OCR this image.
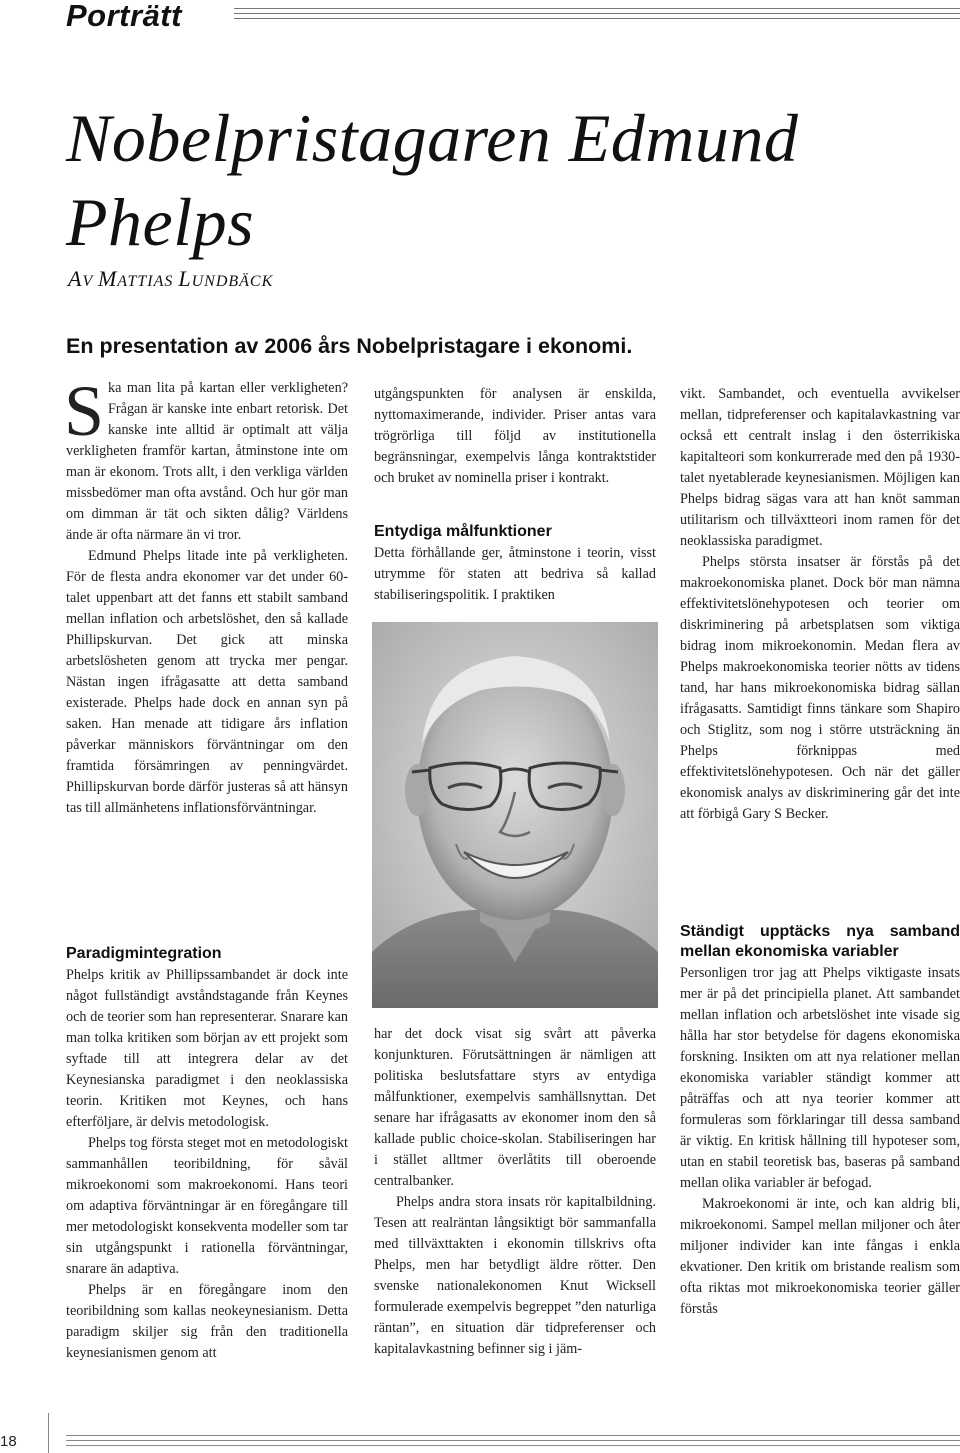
Porträtt
Nobelpristagaren Edmund Phelps
AV MATTIAS LUNDBÄCK
En presentation av 2006 års Nobelpristagare i ekonomi.

Ska man lita på kartan eller verkligheten? Frågan är kanske inte enbart retorisk. Det kanske inte alltid är optimalt att välja verkligheten framför kartan, åtminstone inte om man är ekonom. Trots allt, i den verkliga världen missbedömer man ofta avstånd. Och hur gör man om dimman är tät och sikten dålig? Världens ände är ofta närmare än vi tror.

Edmund Phelps litade inte på verkligheten. För de flesta andra ekonomer var det under 60-talet uppenbart att det fanns ett stabilt samband mellan inflation och arbetslöshet, den så kallade Phillipskurvan. Det gick att minska arbetslösheten genom att trycka mer pengar. Nästan ingen ifrågasatte att detta samband existerade. Phelps hade dock en annan syn på saken. Han menade att tidigare års inflation påverkar människors förväntningar om den framtida försämringen av penningvärdet. Phillipskurvan borde därför justeras så att hänsyn tas till allmänhetens inflationsförväntningar.

Paradigmintegration

Phelps kritik av Phillipssambandet är dock inte något fullständigt avståndstagande från Keynes och de teorier som han representerar. Snarare kan man tolka kritiken som början av ett projekt som syftade till att integrera delar av det Keynesianska paradigmet i den neoklassiska teorin. Kritiken mot Keynes, och hans efterföljare, är delvis metodologisk.

Phelps tog första steget mot en metodologiskt sammanhållen teoribildning, för såväl mikroekonomi som makroekonomi. Hans teori om adaptiva förväntningar är en föregångare till mer metodologiskt konsekventa modeller som tar sin utgångspunkt i rationella förväntningar, snarare än adaptiva.

Phelps är en föregångare inom den teoribildning som kallas neokeynesianism. Detta paradigm skiljer sig från den traditionella keynesianismen genom att

utgångspunkten för analysen är enskilda, nyttomaximerande, individer. Priser antas vara trögrörliga till följd av institutionella begränsningar, exempelvis långa kontraktstider och bruket av nominella priser i kontrakt.

Entydiga målfunktioner

Detta förhållande ger, åtminstone i teorin, visst utrymme för staten att bedriva så kallad stabiliseringspolitik. I praktiken

har det dock visat sig svårt att påverka konjunkturen. Förutsättningen är nämligen att politiska beslutsfattare styrs av entydiga målfunktioner, exempelvis samhällsnyttan. Det senare har ifrågasatts av ekonomer inom den så kallade public choice-skolan. Stabiliseringen har i stället alltmer överlåtits till oberoende centralbanker.

Phelps andra stora insats rör kapitalbildning. Tesen att realräntan långsiktigt bör sammanfalla med tillväxttakten i ekonomin tillskrivs ofta Phelps, men har betydligt äldre rötter. Den svenske nationalekonomen Knut Wicksell formulerade exempelvis begreppet ”den naturliga räntan”, en situation där tidpreferenser och kapitalavkastning befinner sig i jäm-

vikt. Sambandet, och eventuella avvikelser mellan, tidpreferenser och kapitalavkastning var också ett centralt inslag i den österrikiska kapitalteori som konkurrerade med den på 1930-talet nyetablerade keynesianismen. Möjligen kan Phelps bidrag sägas vara att han knöt samman utilitarism och tillväxtteori inom ramen för det neoklassiska paradigmet.

Phelps största insatser är förstås på det makroekonomiska planet. Dock bör man nämna effektivitetslönehypotesen och teorier om diskriminering på arbetsplatsen som viktiga bidrag inom mikroekonomin. Medan flera av Phelps makroekonomiska teorier nötts av tidens tand, har hans mikroekonomiska bidrag sällan ifrågasatts. Samtidigt finns tänkare som Shapiro och Stiglitz, som nog i större utsträckning än Phelps förknippas med effektivitetslönehypotesen. Och när det gäller ekonomisk analys av diskriminering går det inte att förbigå Gary S Becker.

Ständigt upptäcks nya samband mellan ekonomiska variabler

Personligen tror jag att Phelps viktigaste insats mer är på det principiella planet. Att sambandet mellan inflation och arbetslöshet inte visade sig hålla har stor betydelse för dagens ekonomiska forskning. Insikten om att nya relationer mellan ekonomiska variabler ständigt kommer att påträffas och att nya teorier kommer att formuleras som förklaringar till dessa samband är viktig. En kritisk hållning till hypoteser som, utan en stabil teoretisk bas, baseras på samband mellan olika variabler är befogad.

Makroekonomi är inte, och kan aldrig bli, mikroekonomi. Sampel mellan miljoner och åter miljoner individer kan inte fångas i enkla ekvationer. Den kritik om bristande realism som ofta riktas mot mikroekonomiska teorier gäller förstås

18
